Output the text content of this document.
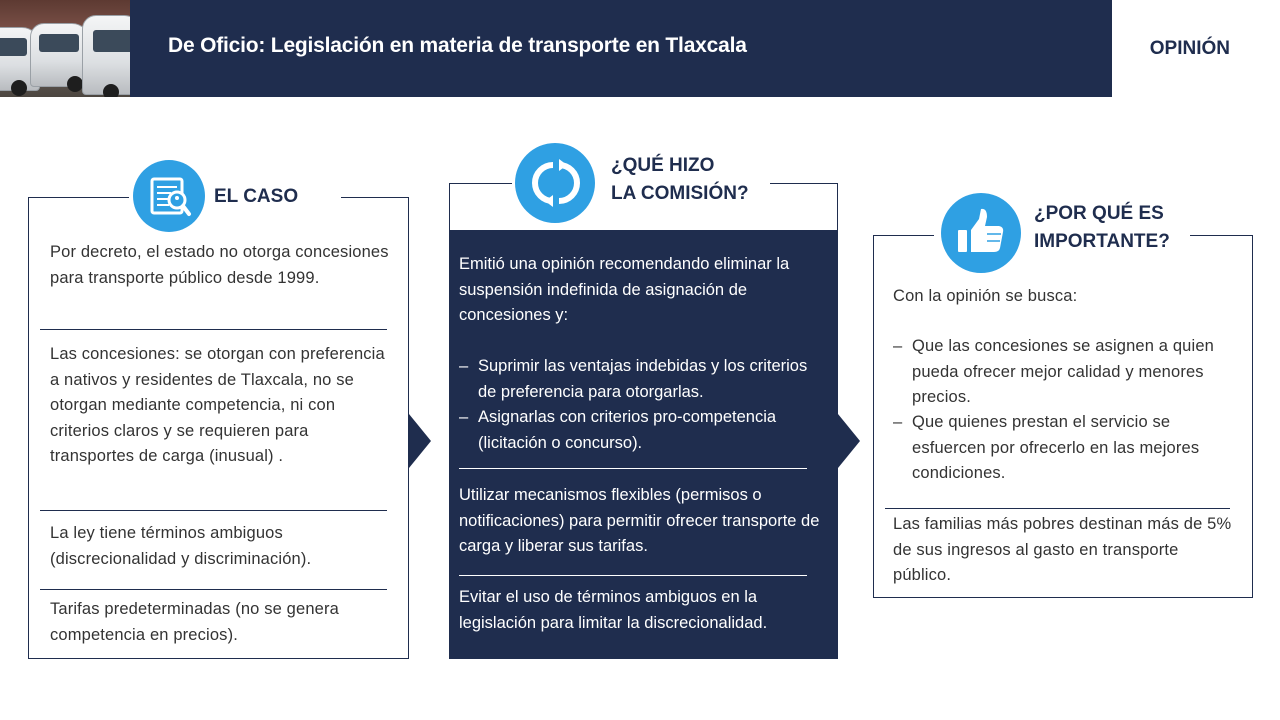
De Oficio: Legislación en materia de transporte en Tlaxcala	OPINIÓN
EL CASO
Por decreto, el estado no otorga concesiones para transporte público desde 1999.
Las concesiones: se otorgan con preferencia a nativos y residentes de Tlaxcala, no se otorgan mediante competencia, ni con criterios claros y se requieren para transportes de carga (inusual) .
La ley tiene términos ambiguos (discrecionalidad y discriminación).
Tarifas predeterminadas (no se genera competencia en precios).
¿QUÉ HIZO
LA COMISIÓN?
Emitió una opinión recomendando eliminar la suspensión indefinida de asignación de concesiones y:
– Suprimir las ventajas indebidas y los criterios de preferencia para otorgarlas.
– Asignarlas con criterios pro-competencia (licitación o concurso).
Utilizar mecanismos flexibles (permisos o notificaciones) para permitir ofrecer transporte de carga y liberar sus tarifas.
Evitar el uso de términos ambiguos en la legislación para limitar la discrecionalidad.
¿POR QUÉ ES
IMPORTANTE?
Con la opinión se busca:
– Que las concesiones se asignen a quien pueda ofrecer mejor calidad y menores precios.
– Que quienes prestan el servicio se esfuercen por ofrecerlo en las mejores condiciones.
Las familias más pobres destinan más de 5% de sus ingresos al gasto en transporte público.
